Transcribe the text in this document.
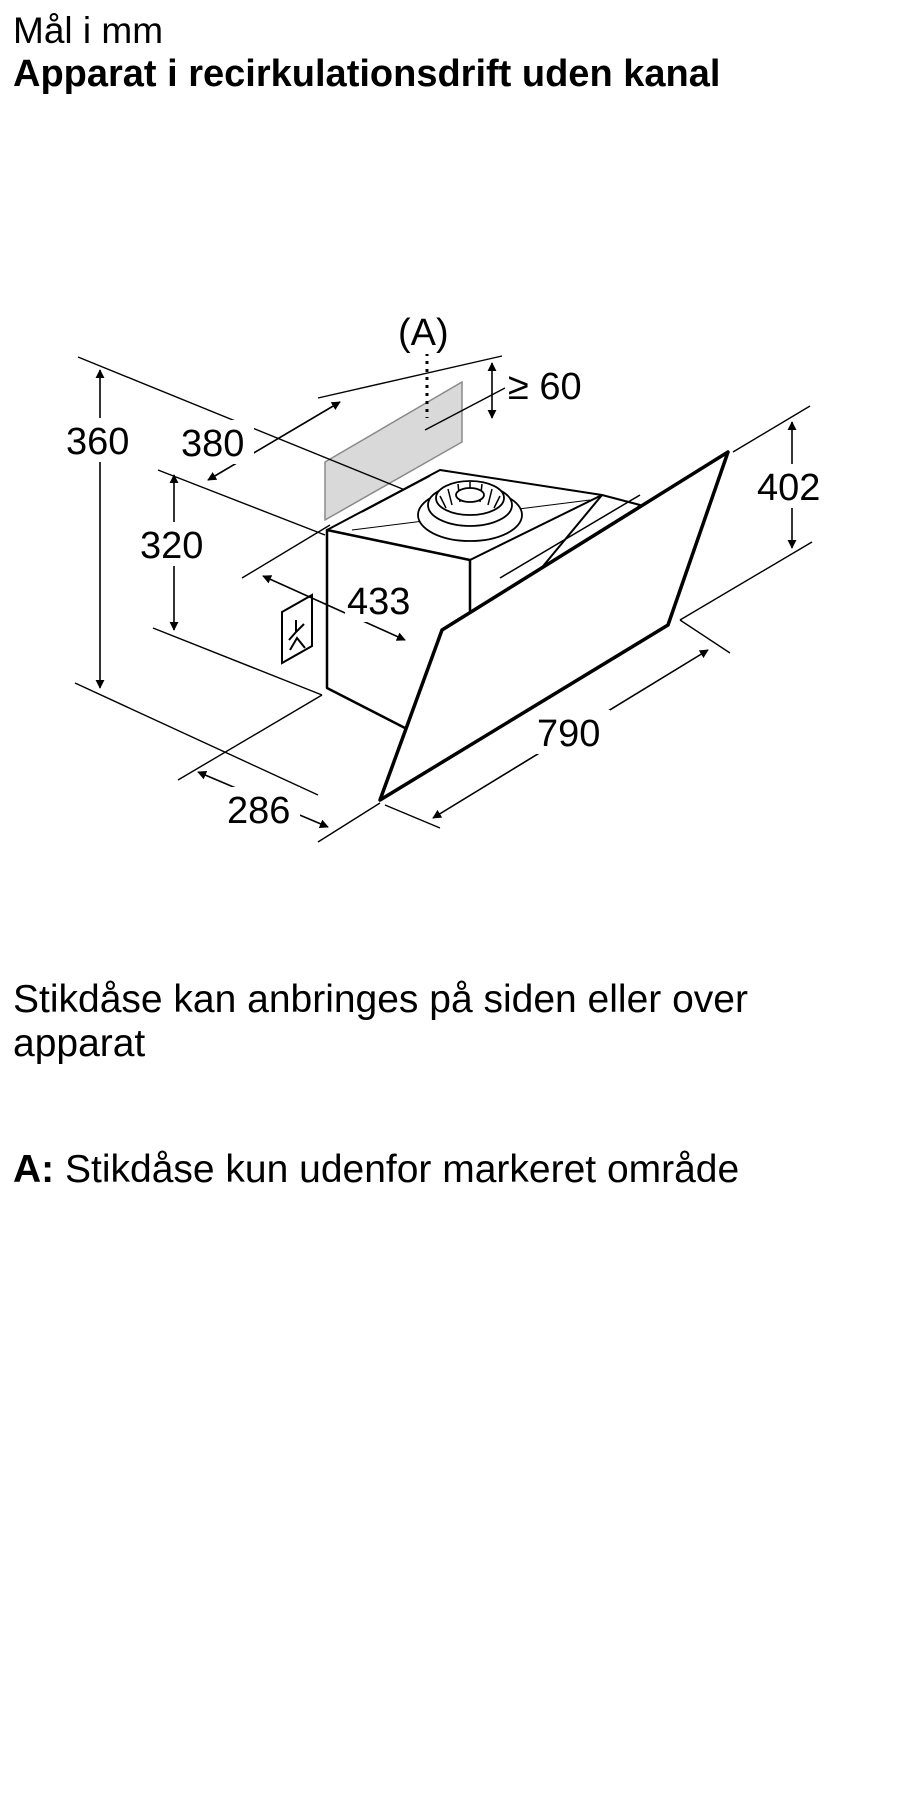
Mål i mm
Apparat i recirkulationsdrift uden kanal
(A)
≥ 60
360 380
320
433
402
790
286
Stikdåse kan anbringes på siden eller over apparat
A: Stikdåse kun udenfor markeret område
